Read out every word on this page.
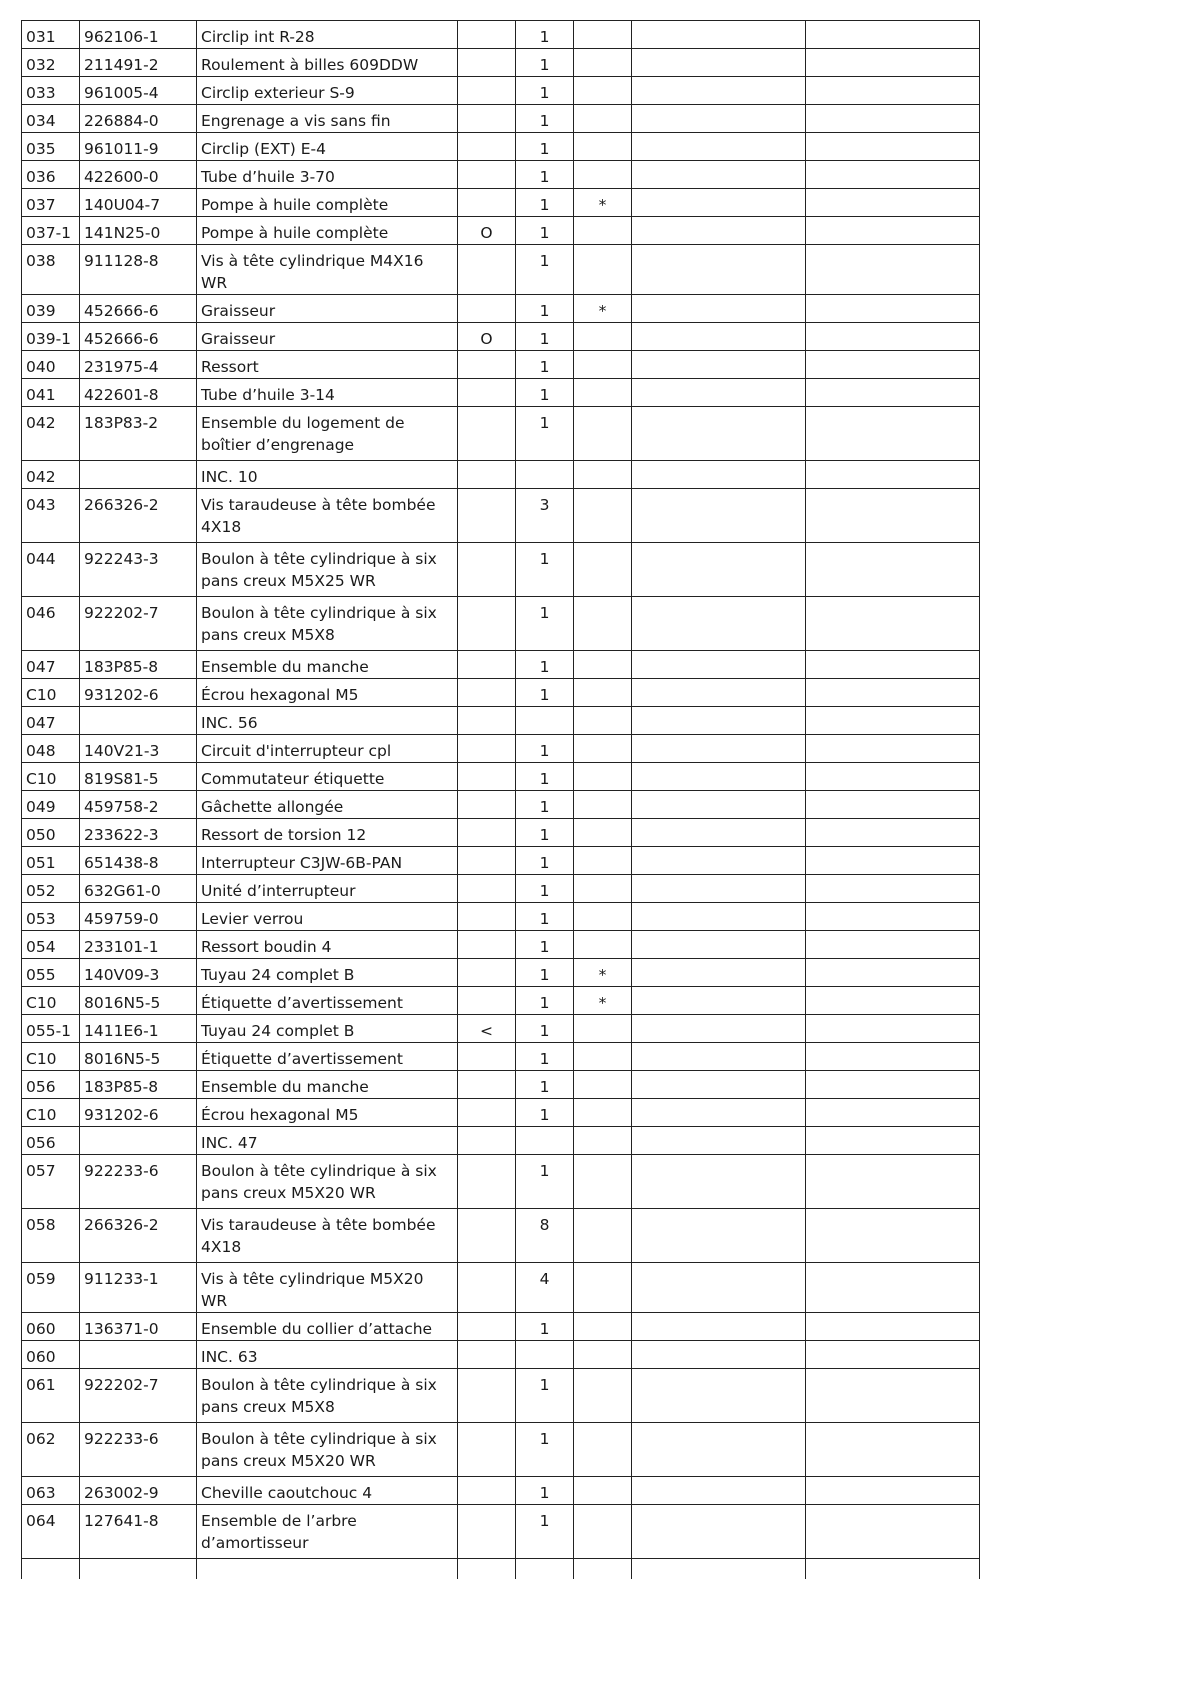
031	962106-1	Circlip int R-28		1			
032	211491-2	Roulement à billes 609DDW		1			
033	961005-4	Circlip exterieur S-9		1			
034	226884-0	Engrenage a vis sans fin		1			
035	961011-9	Circlip (EXT) E-4		1			
036	422600-0	Tube d’huile 3-70		1			
037	140U04-7	Pompe à huile complète		1	*		
037-1	141N25-0	Pompe à huile complète	O	1			
038	911128-8	Vis à tête cylindrique M4X16 WR		1			
039	452666-6	Graisseur		1	*		
039-1	452666-6	Graisseur	O	1			
040	231975-4	Ressort		1			
041	422601-8	Tube d’huile 3-14		1			
042	183P83-2	Ensemble du logement de boîtier d’engrenage		1			
042		INC. 10					
043	266326-2	Vis taraudeuse à tête bombée 4X18		3			
044	922243-3	Boulon à tête cylindrique à six pans creux M5X25 WR		1			
046	922202-7	Boulon à tête cylindrique à six pans creux M5X8		1			
047	183P85-8	Ensemble du manche		1			
C10	931202-6	Écrou hexagonal M5		1			
047		INC. 56					
048	140V21-3	Circuit d'interrupteur cpl		1			
C10	819S81-5	Commutateur étiquette		1			
049	459758-2	Gâchette allongée		1			
050	233622-3	Ressort de torsion 12		1			
051	651438-8	Interrupteur C3JW-6B-PAN		1			
052	632G61-0	Unité d’interrupteur		1			
053	459759-0	Levier verrou		1			
054	233101-1	Ressort boudin 4		1			
055	140V09-3	Tuyau 24 complet B		1	*		
C10	8016N5-5	Étiquette d’avertissement		1	*		
055-1	1411E6-1	Tuyau 24 complet B	<	1			
C10	8016N5-5	Étiquette d’avertissement		1			
056	183P85-8	Ensemble du manche		1			
C10	931202-6	Écrou hexagonal M5		1			
056		INC. 47					
057	922233-6	Boulon à tête cylindrique à six pans creux M5X20 WR		1			
058	266326-2	Vis taraudeuse à tête bombée 4X18		8			
059	911233-1	Vis à tête cylindrique M5X20 WR		4			
060	136371-0	Ensemble du collier d’attache		1			
060		INC. 63					
061	922202-7	Boulon à tête cylindrique à six pans creux M5X8		1			
062	922233-6	Boulon à tête cylindrique à six pans creux M5X20 WR		1			
063	263002-9	Cheville caoutchouc 4		1			
064	127641-8	Ensemble de l’arbre d’amortisseur		1			
